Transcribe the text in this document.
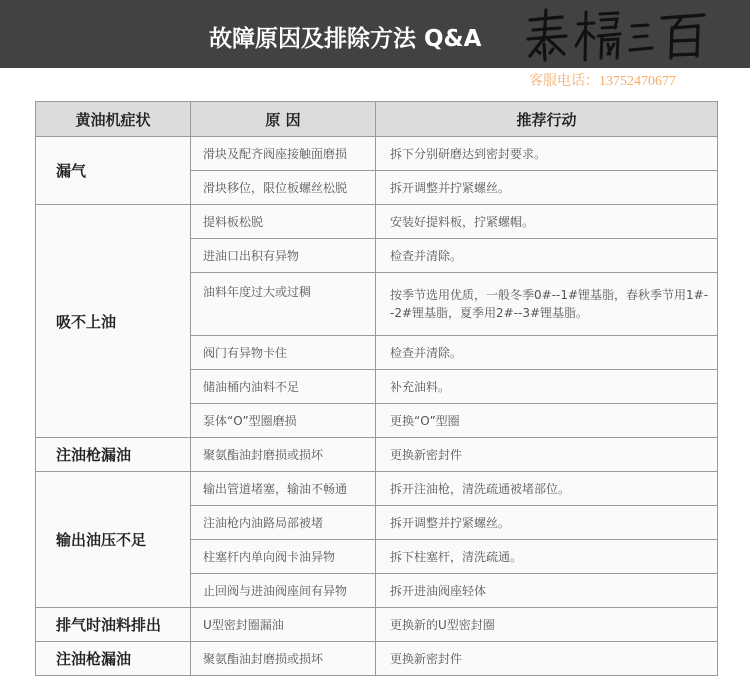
故障原因及排除方法 Q&A
客服电话：13752470677
黄油机症状	原 因	推荐行动
漏气	滑块及配齐阀座接触面磨损	拆下分别研磨达到密封要求。
	滑块移位，限位板螺丝松脱	拆开调整并拧紧螺丝。
吸不上油	提料板松脱	安装好提料板，拧紧螺帽。
	进油口出积有异物	检查并清除。
	油料年度过大或过稠	按季节选用优质，一般冬季0#--1#锂基脂，春秋季节用1#--2#锂基脂，夏季用2#--3#锂基脂。
	阀门有异物卡住	检查并清除。
	储油桶内油料不足	补充油料。
	泵体“O”型圈磨损	更换“O”型圈
注油枪漏油	聚氨酯油封磨损或损坏	更换新密封件
输出油压不足	输出管道堵塞，输油不畅通	拆开注油枪，清洗疏通被堵部位。
	注油枪内油路局部被堵	拆开调整并拧紧螺丝。
	柱塞杆内单向阀卡油异物	拆下柱塞杆，清洗疏通。
	止回阀与进油阀座间有异物	拆开进油阀座轻体
排气时油料排出	U型密封圈漏油	更换新的U型密封圈
注油枪漏油	聚氨酯油封磨损或损坏	更换新密封件
